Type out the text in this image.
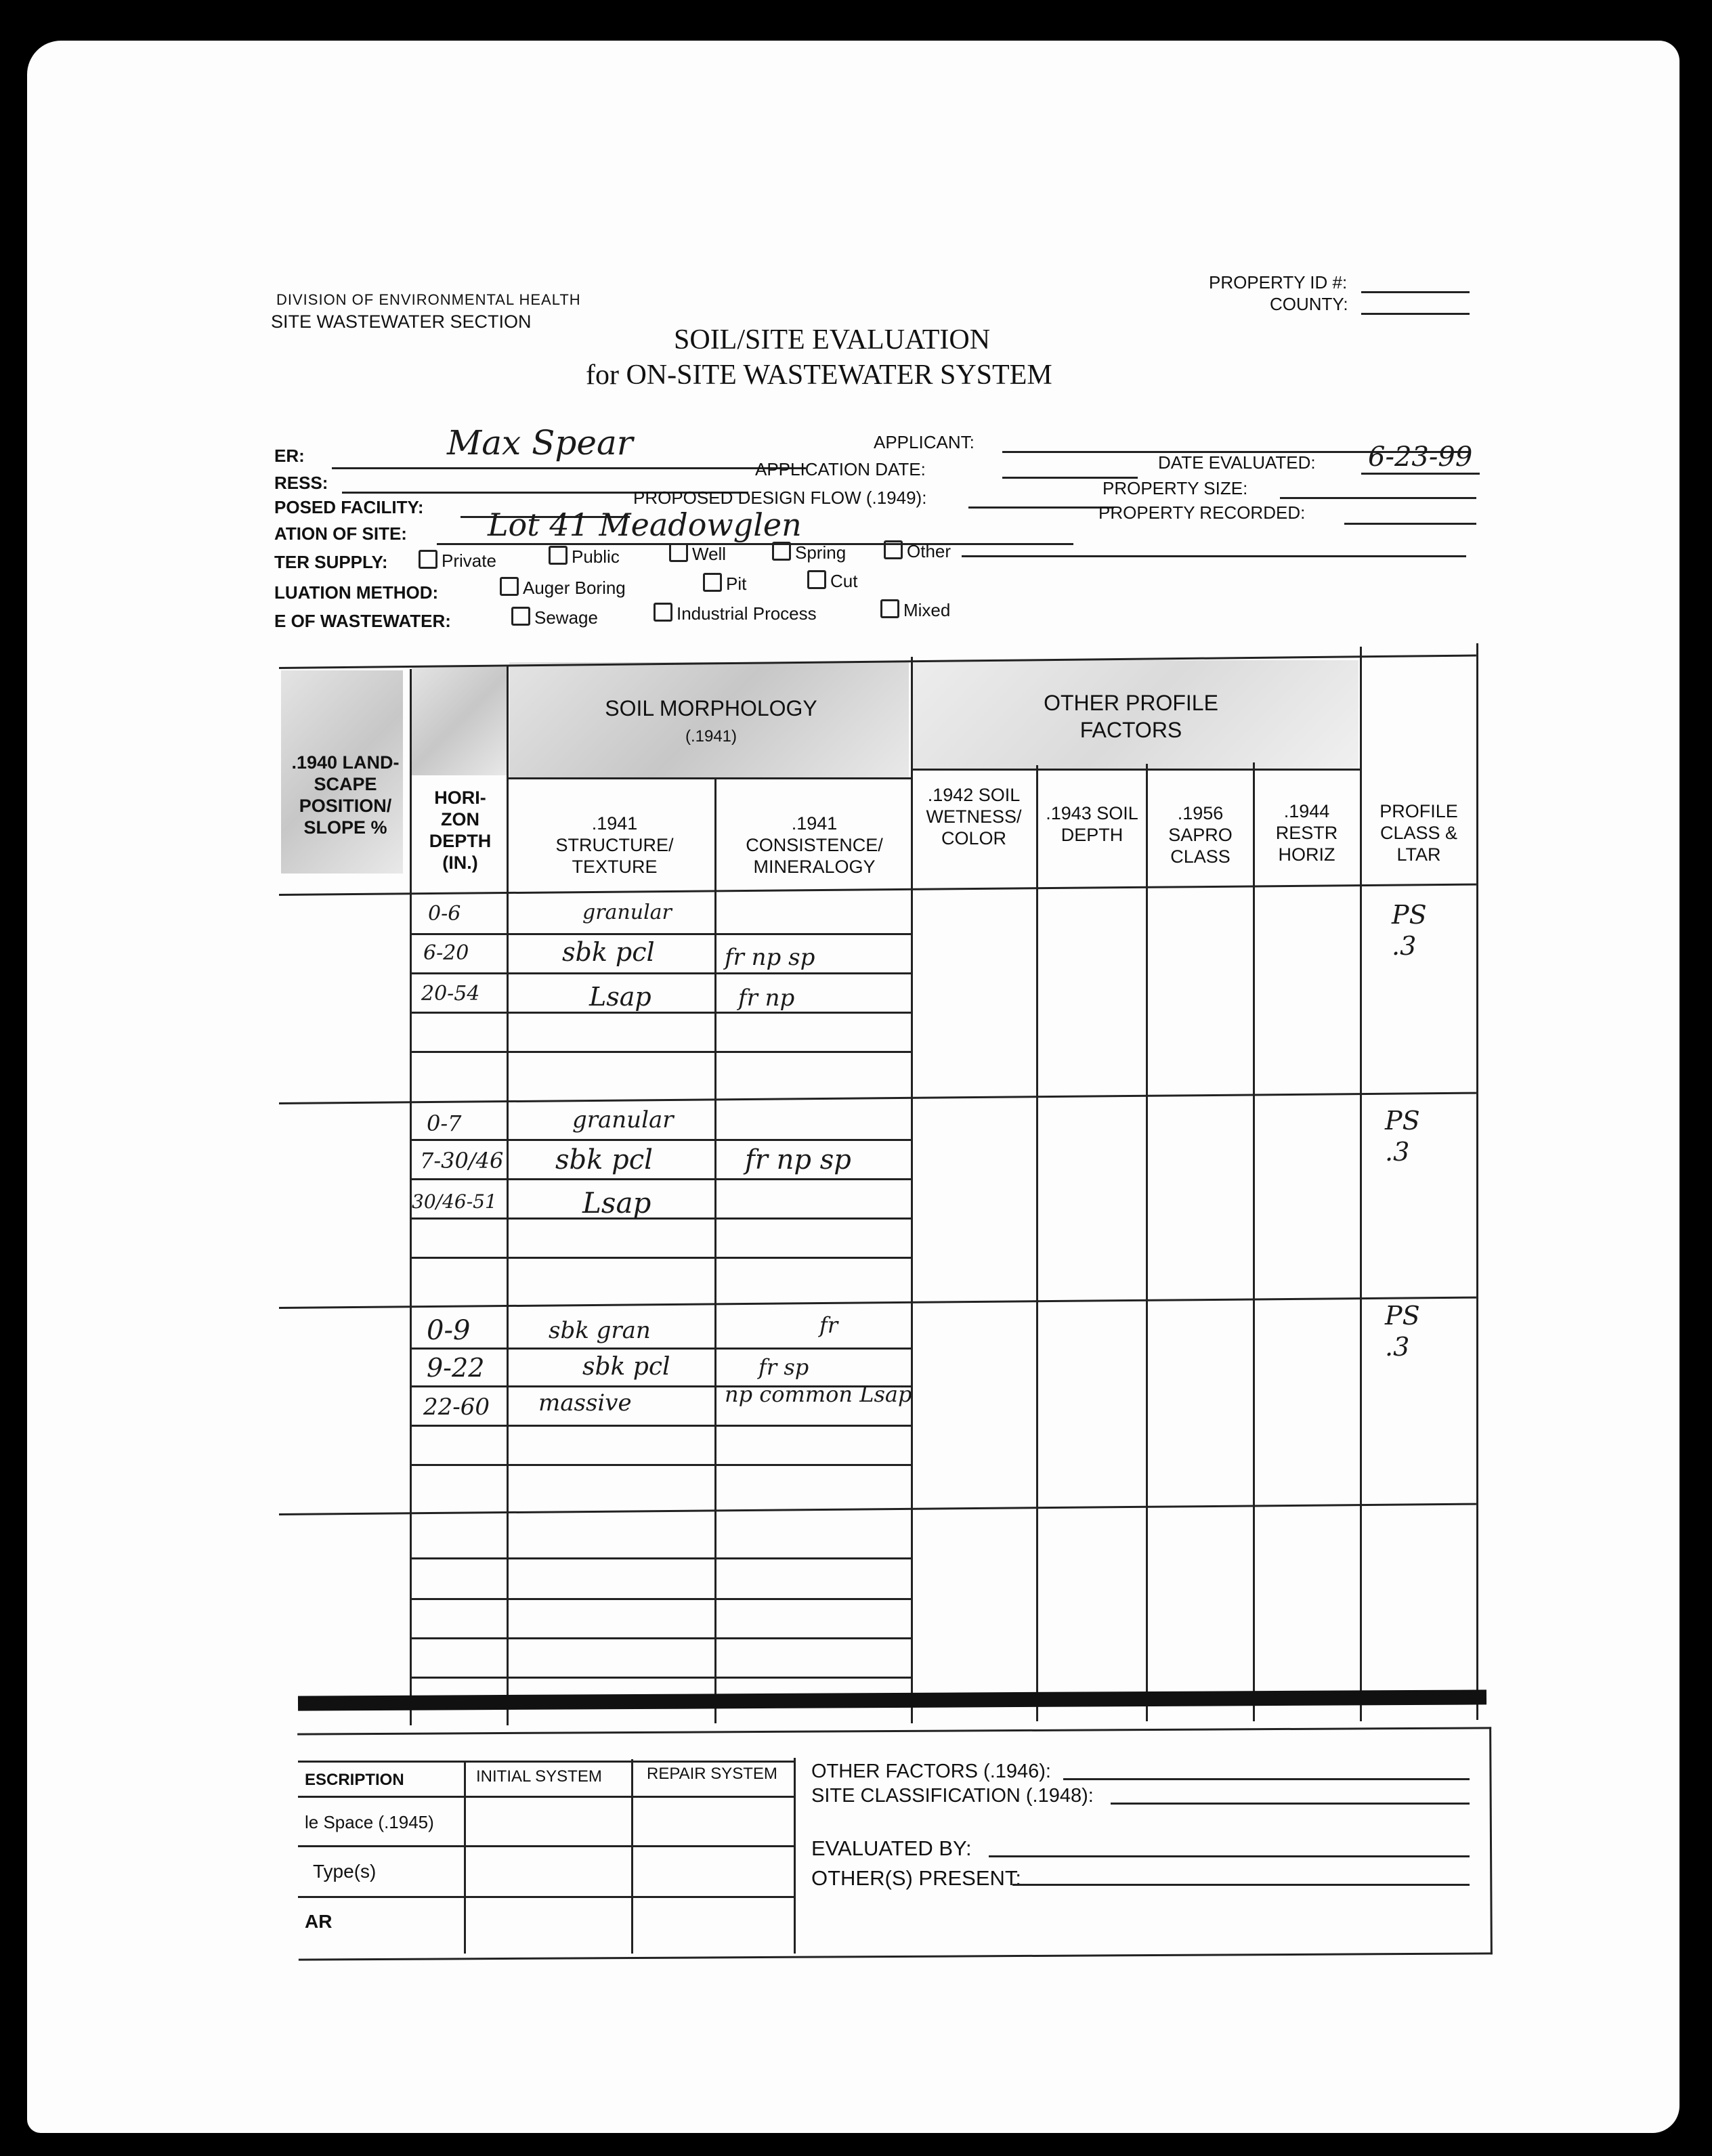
DIVISION OF ENVIRONMENTAL HEALTH
SITE WASTEWATER SECTION
PROPERTY ID #:
COUNTY:
SOIL/SITE EVALUATION
for ON-SITE WASTEWATER SYSTEM
ER:	Max Spear	APPLICANT:
RESS:
APPLICATION DATE:	DATE EVALUATED: 6-23-99
POSED FACILITY:	PROPOSED DESIGN FLOW (.1949):	PROPERTY SIZE:
ATION OF SITE:	Lot 41 Meadowglen	PROPERTY RECORDED:
TER SUPPLY:	Private	Public	Well	Spring	Other
LUATION METHOD:	Auger Boring	Pit	Cut
E OF WASTEWATER:	Sewage	Industrial Process	Mixed
.1940 LAND- SCAPE POSITION/ SLOPE %
HORI- ZON DEPTH (IN.)
SOIL MORPHOLOGY
(.1941)
OTHER PROFILE FACTORS
.1941 STRUCTURE/ TEXTURE
.1941 CONSISTENCE/ MINERALOGY
.1942 SOIL WETNESS/ COLOR
.1943 SOIL DEPTH
.1956 SAPRO CLASS
.1944 RESTR HORIZ
PROFILE CLASS & LTAR
0-6	granular
6-20	sbk pcl	fr np sp
20-54	Lsap	fr np
PS .3
0-7	granular
7-30/46 sbk pcl	fr np sp
30/46-51	Lsap
PS .3
0-9	sbk gran	fr
9-22	sbk pcl	fr sp
22-60 massive	np common Lsap
PS .3
ESCRIPTION	INITIAL SYSTEM	REPAIR SYSTEM
le Space (.1945)
Type(s)
AR
OTHER FACTORS (.1946):
SITE CLASSIFICATION (.1948):
EVALUATED BY:
OTHER(S) PRESENT:
